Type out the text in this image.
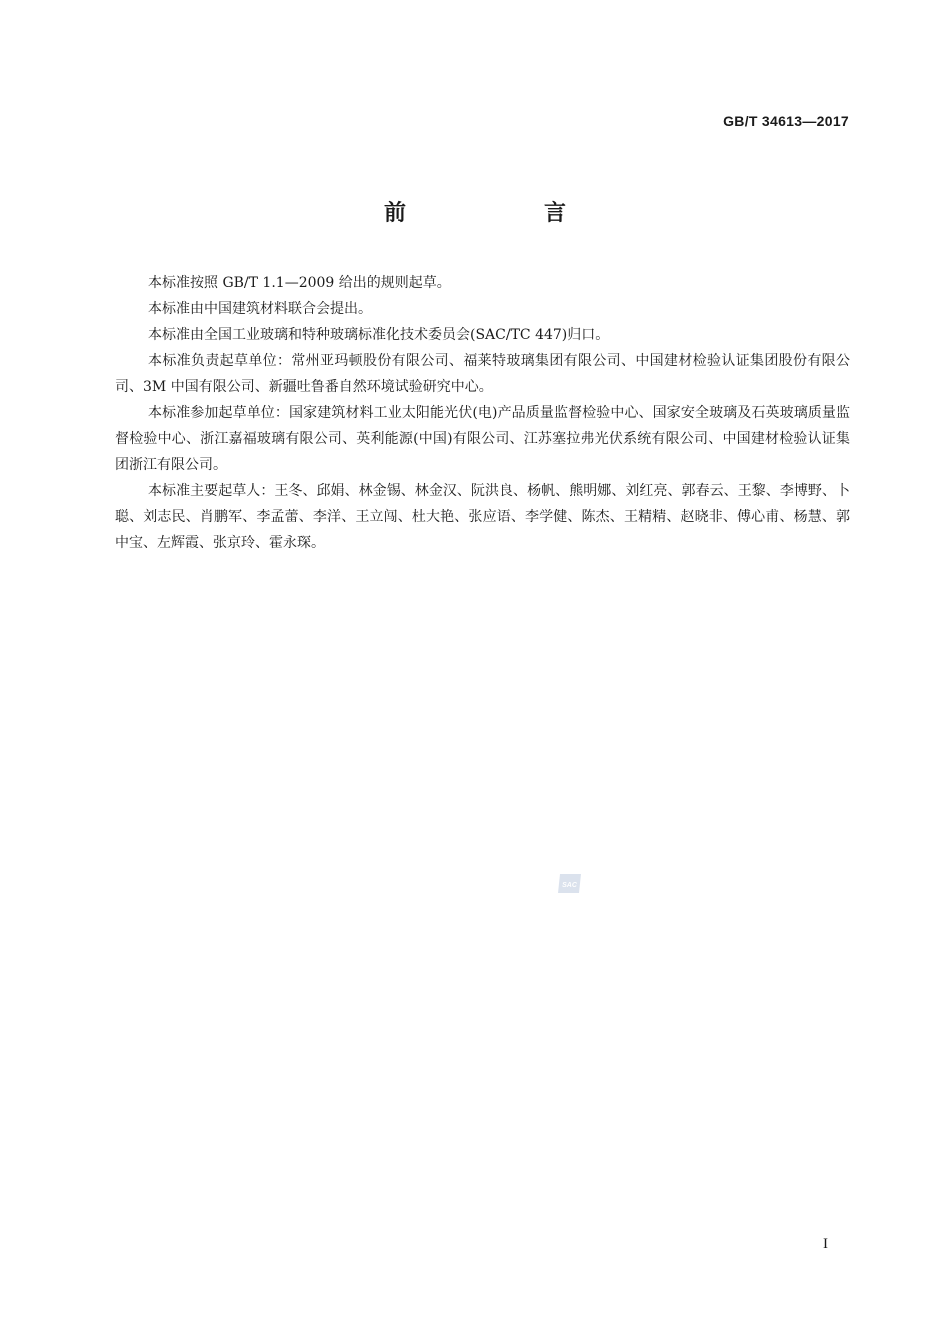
GB/T 34613—2017
前　言

本标准按照 GB/T 1.1—2009 给出的规则起草。

本标准由中国建筑材料联合会提出。

本标准由全国工业玻璃和特种玻璃标准化技术委员会(SAC/TC 447)归口。

本标准负责起草单位：常州亚玛顿股份有限公司、福莱特玻璃集团有限公司、中国建材检验认证集团股份有限公司、3M 中国有限公司、新疆吐鲁番自然环境试验研究中心。

本标准参加起草单位：国家建筑材料工业太阳能光伏(电)产品质量监督检验中心、国家安全玻璃及石英玻璃质量监督检验中心、浙江嘉福玻璃有限公司、英利能源(中国)有限公司、江苏塞拉弗光伏系统有限公司、中国建材检验认证集团浙江有限公司。

本标准主要起草人：王冬、邱娟、林金锡、林金汉、阮洪良、杨帆、熊明娜、刘红亮、郭春云、王黎、李博野、卜聪、刘志民、肖鹏军、李孟蕾、李洋、王立闯、杜大艳、张应语、李学健、陈杰、王精精、赵晓非、傅心甫、杨慧、郭中宝、左辉霞、张京玲、霍永琛。

SAC
I
